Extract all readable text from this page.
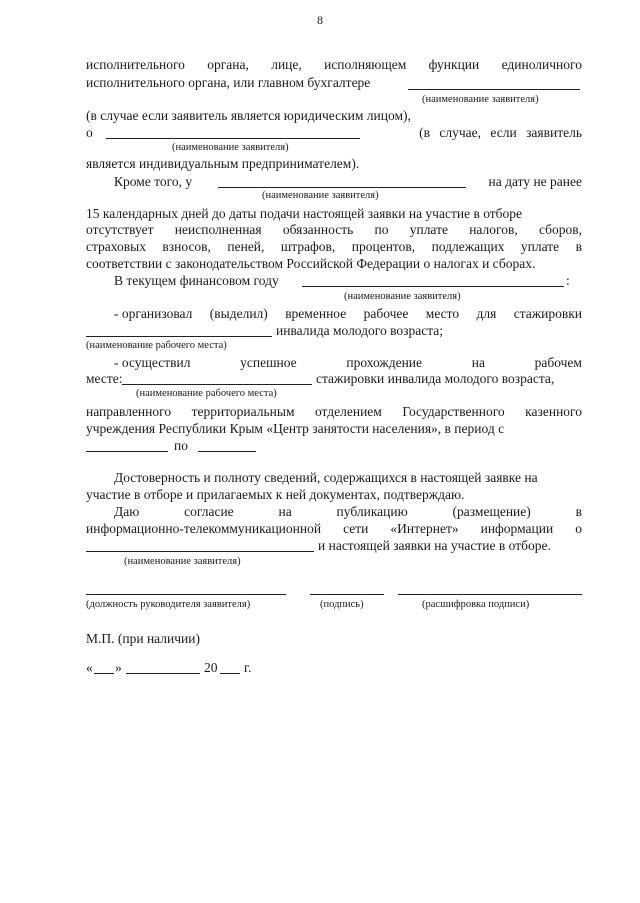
8
исполнительного органа, лице, исполняющем функции единоличного
исполнительного органа, или главном бухгалтере
(наименование заявителя)
(в случае если заявитель является юридическим лицом),
о	(в случае, если заявитель
(наименование заявителя)
является индивидуальным предпринимателем).
Кроме того, у	на дату не ранее
(наименование заявителя)
15 календарных дней до даты подачи настоящей заявки на участие в отборе
отсутствует неисполненная обязанность по уплате налогов, сборов,
страховых взносов, пеней, штрафов, процентов, подлежащих уплате в
соответствии с законодательством Российской Федерации о налогах и сборах.
В текущем финансовом году	:
(наименование заявителя)
- организовал (выделил) временное рабочее место для стажировки
инвалида молодого возраста;
(наименование рабочего места)
- осуществил	успешное	прохождение	на	рабочем
месте:	стажировки инвалида молодого возраста,
(наименование рабочего места)
направленного территориальным отделением Государственного казенного
учреждения Республики Крым «Центр занятости населения», в период с
по
Достоверность и полноту сведений, содержащихся в настоящей заявке на
участие в отборе и прилагаемых к ней документах, подтверждаю.
Даю	согласие	на	публикацию	(размещение)	в
информационно-телекоммуникационной сети «Интернет» информации о
и настоящей заявки на участие в отборе.
(наименование заявителя)
(должность руководителя заявителя)	(подпись)	(расшифровка подписи)
М.П. (при наличии)
« »	20 г.
